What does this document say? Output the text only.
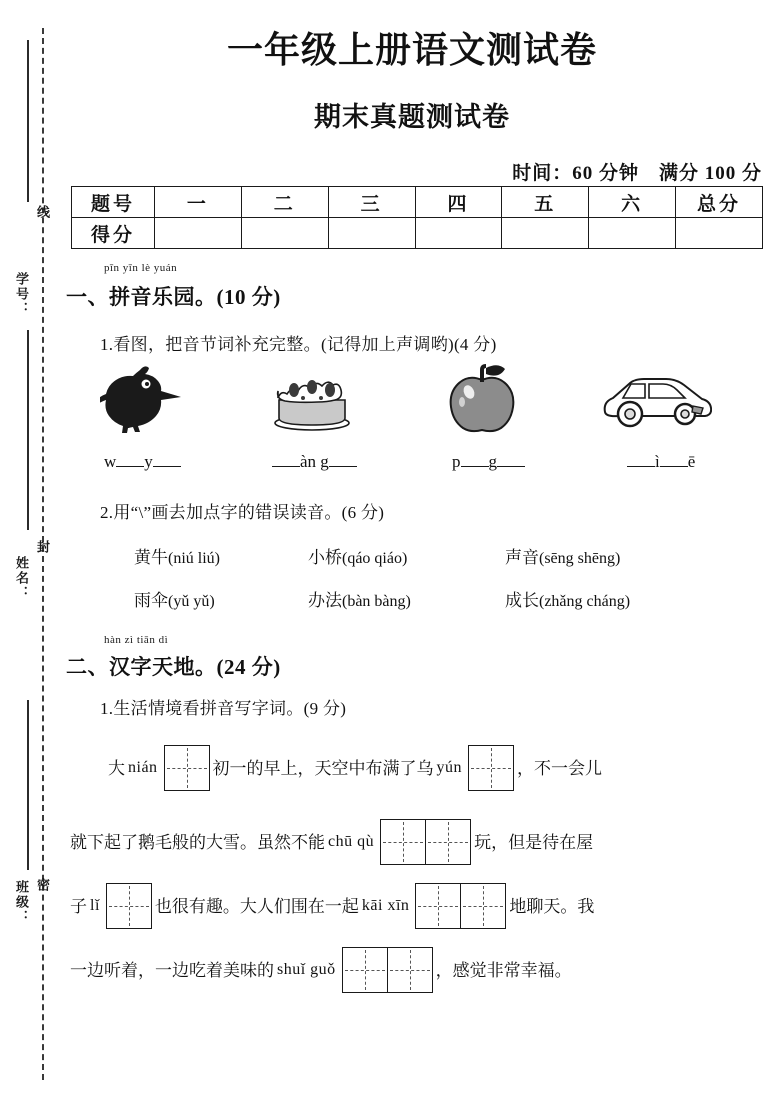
线
封
密
学号：
姓名：
班级：
一年级上册语文测试卷
期末真题测试卷
时间：60 分钟　满分 100 分
题号	一	二	三	四	五	六	总分
得分							
pīn yīn lè yuán
一、拼音乐园。(10 分)
1.看图，把音节词补充完整。(记得加上声调哟)(4 分)
w y	àn g	p g	ì ē
2.用“\”画去加点字的错误读音。(6 分)
黄牛(niú liú)	小桥(qáo qiáo)	声音(sēng shēng)
雨伞(yǔ yǔ)	办法(bàn bàng)	成长(zhǎng cháng)
hàn zì tiān dì
二、汉字天地。(24 分)
1.生活情境看拼音写字词。(9 分)
大 nián	初一的早上，天空中布满了乌 yún	，不一会儿
就下起了鹅毛般的大雪。虽然不能 chū qù	玩，但是待在屋
子 lǐ	也很有趣。大人们围在一起 kāi xīn	地聊天。我
一边听着，一边吃着美味的 shuǐ guǒ	，感觉非常幸福。
